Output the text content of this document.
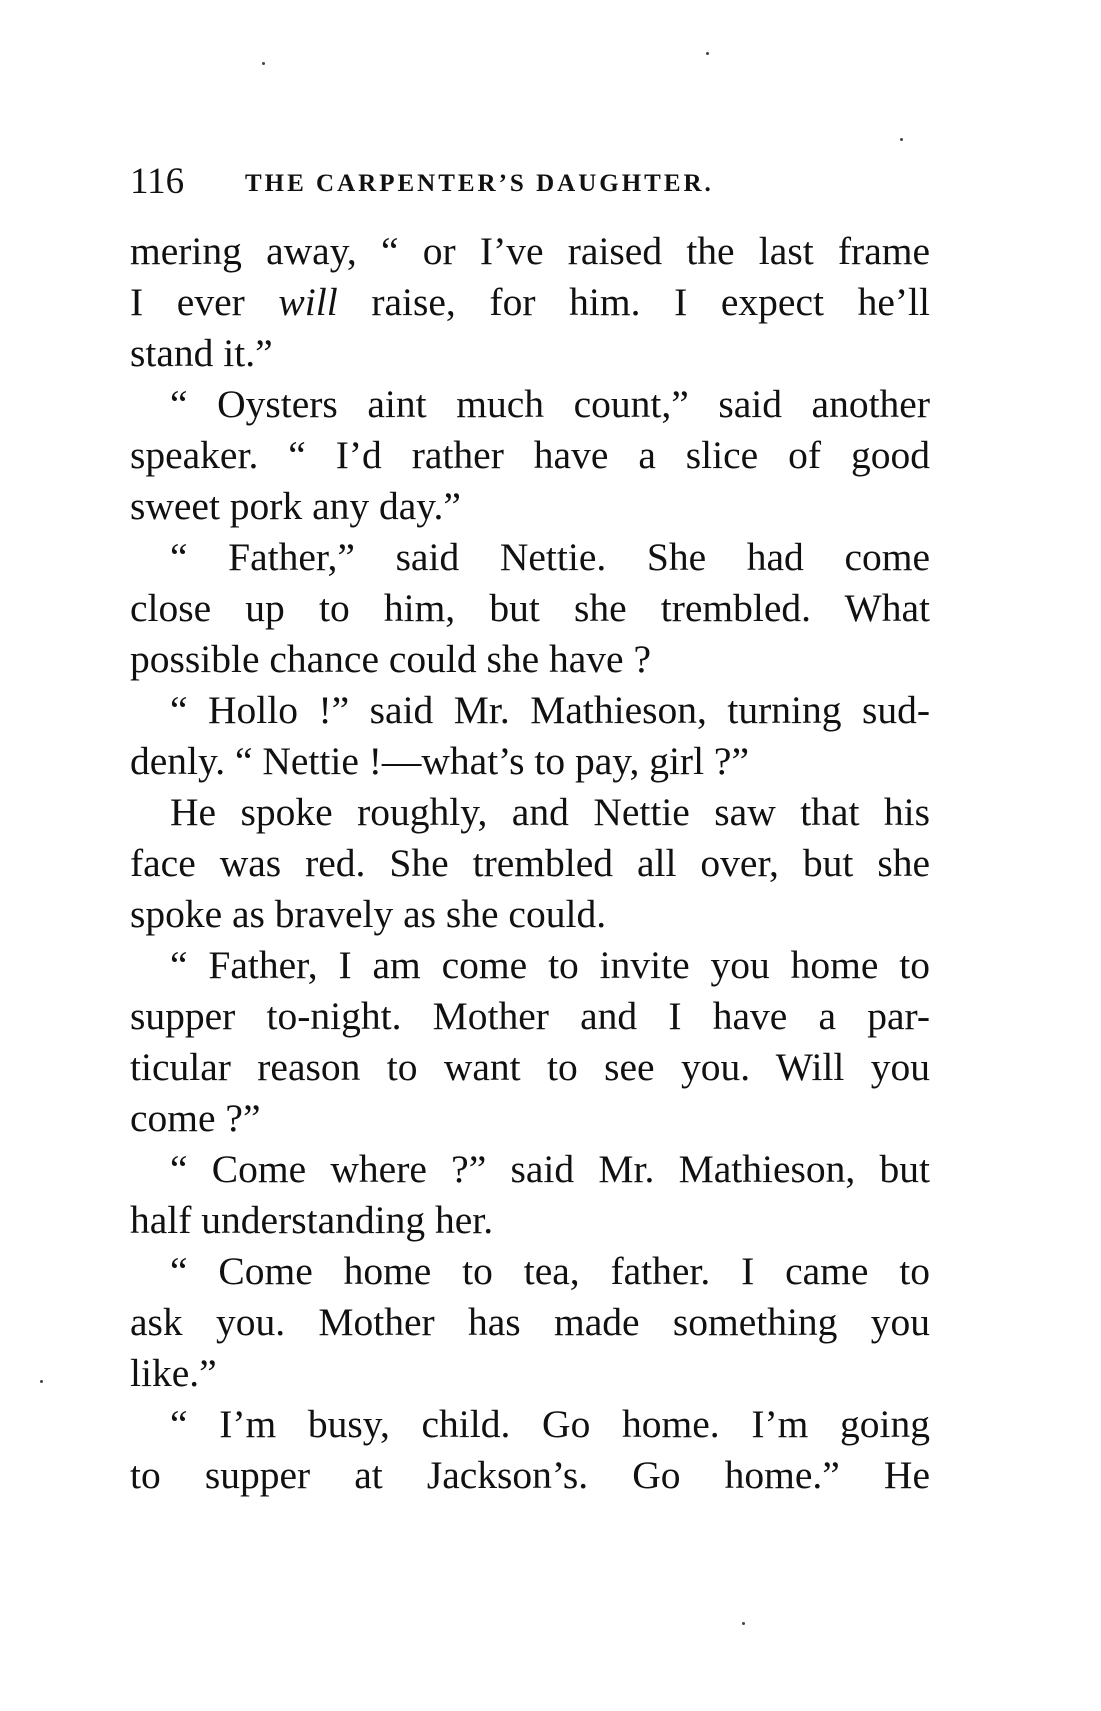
116 THE CARPENTER’S DAUGHTER.
mering away, “ or I’ve raised the last frame
I ever will raise, for him. I expect he’ll
stand it.”
“ Oysters aint much count,” said another
speaker. “ I’d rather have a slice of good
sweet pork any day.”
“ Father,” said Nettie. She had come
close up to him, but she trembled. What
possible chance could she have ?
“ Hollo !” said Mr. Mathieson, turning sud-
denly. “ Nettie !—what’s to pay, girl ?”
He spoke roughly, and Nettie saw that his
face was red. She trembled all over, but she
spoke as bravely as she could.
“ Father, I am come to invite you home to
supper to-night. Mother and I have a par-
ticular reason to want to see you. Will you
come ?”
“ Come where ?” said Mr. Mathieson, but
half understanding her.
“ Come home to tea, father. I came to
ask you. Mother has made something you
like.”
“ I’m busy, child. Go home. I’m going
to supper at Jackson’s. Go home.” He
